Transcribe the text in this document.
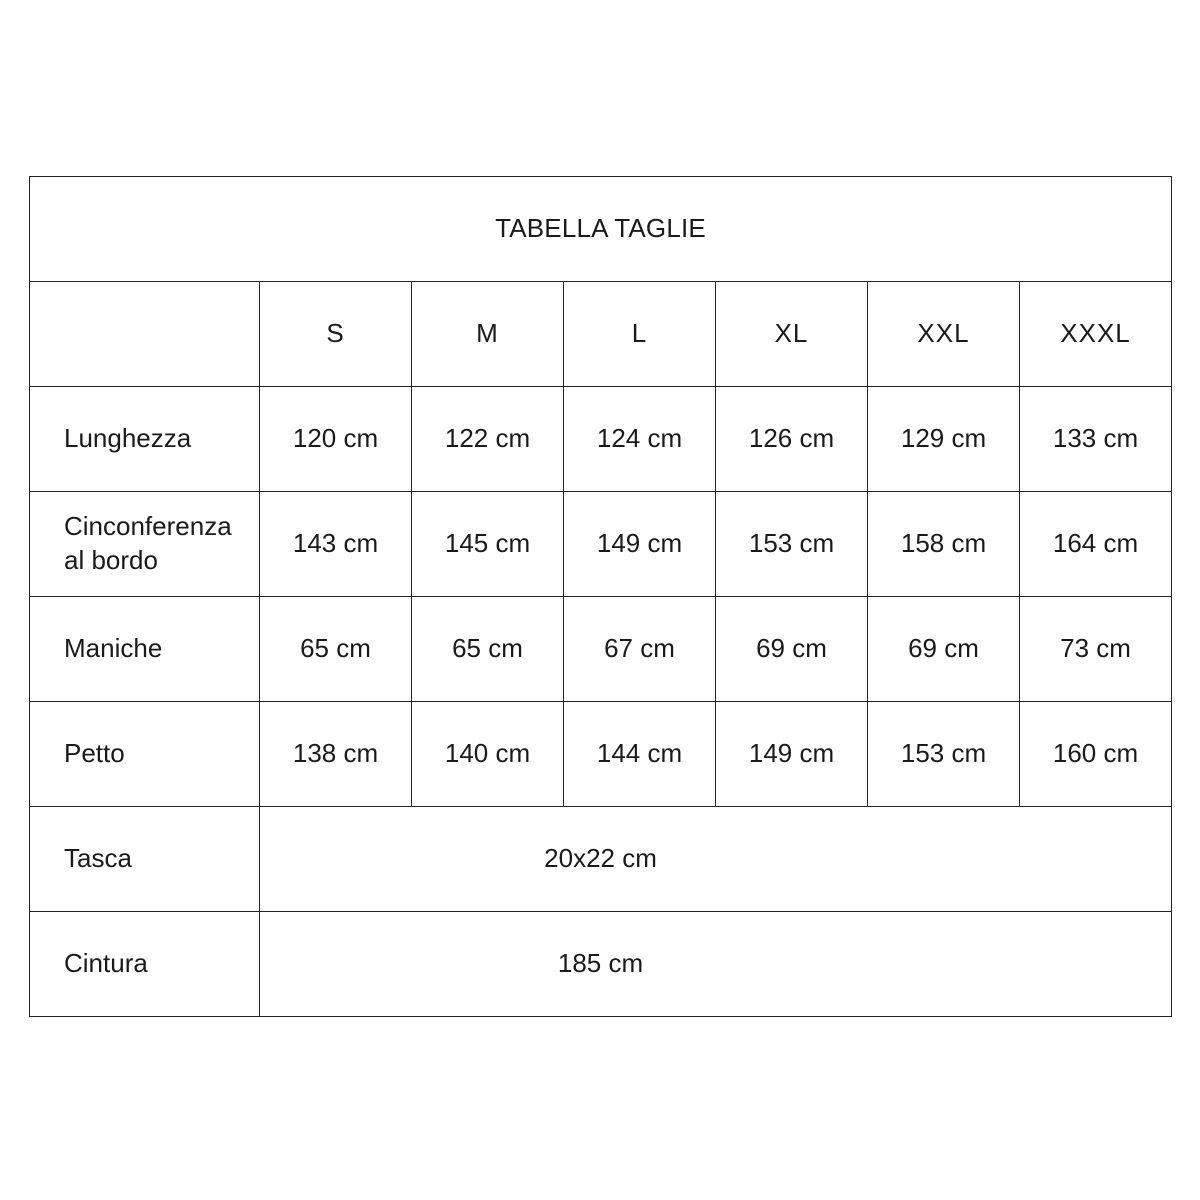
TABELLA TAGLIE						
	S	M	L	XL	XXL	XXXL

Lunghezza	120 cm	122 cm	124 cm	126 cm	129 cm	133 cm

Cinconferenza
al bordo	143 cm	145 cm	149 cm	153 cm	158 cm	164 cm

Maniche	65 cm	65 cm	67 cm	69 cm	69 cm	73 cm

Petto	138 cm	140 cm	144 cm	149 cm	153 cm	160 cm
Tasca	20x22 cm					
Cintura	185 cm					
